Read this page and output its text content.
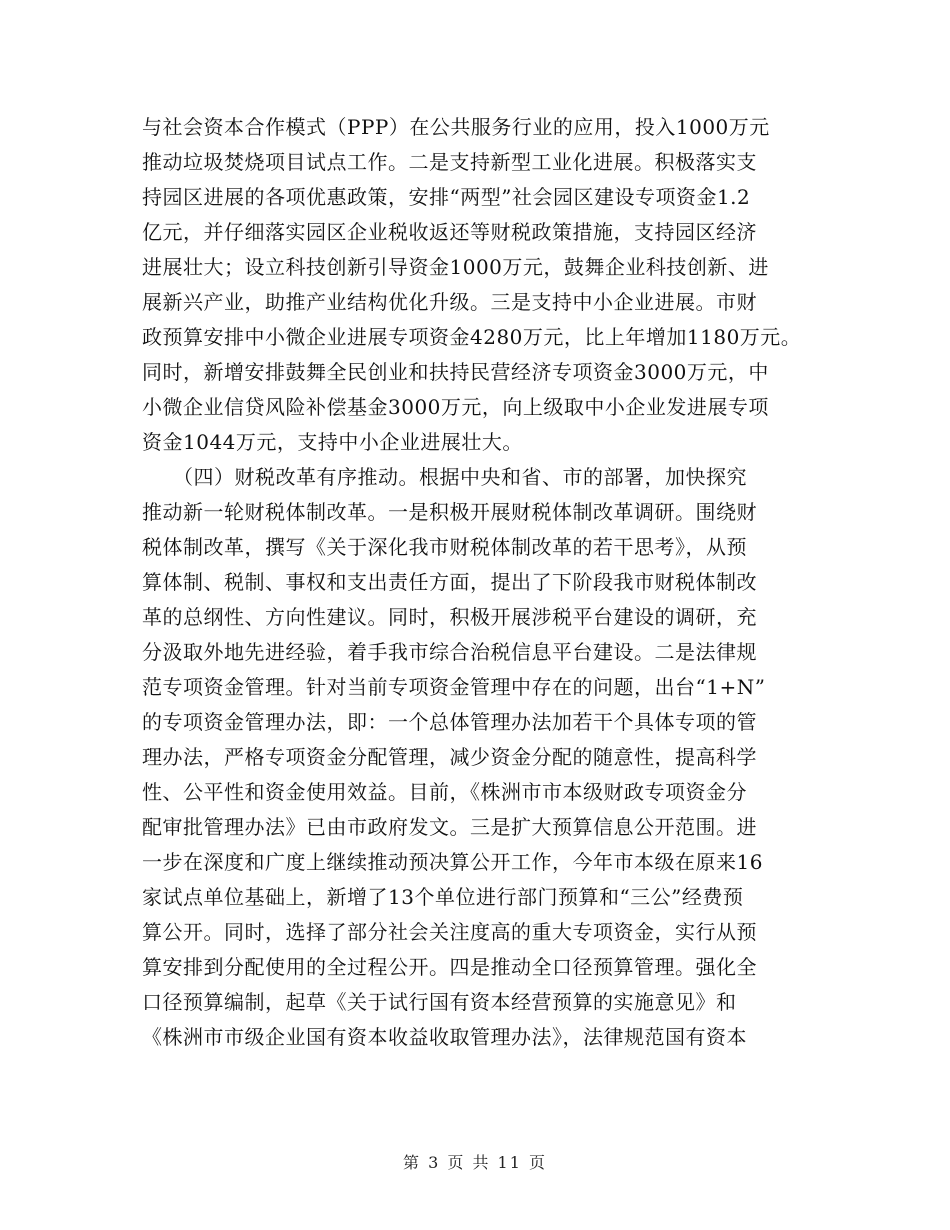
与社会资本合作模式（PPP）在公共服务行业的应用，投入1000万元
推动垃圾焚烧项目试点工作。二是支持新型工业化进展。积极落实支
持园区进展的各项优惠政策，安排“两型”社会园区建设专项资金1.2
亿元，并仔细落实园区企业税收返还等财税政策措施，支持园区经济
进展壮大；设立科技创新引导资金1000万元，鼓舞企业科技创新、进
展新兴产业，助推产业结构优化升级。三是支持中小企业进展。市财
政预算安排中小微企业进展专项资金4280万元，比上年增加1180万元。
同时，新增安排鼓舞全民创业和扶持民营经济专项资金3000万元，中
小微企业信贷风险补偿基金3000万元，向上级取中小企业发进展专项
资金1044万元，支持中小企业进展壮大。
　　（四）财税改革有序推动。根据中央和省、市的部署，加快探究
推动新一轮财税体制改革。一是积极开展财税体制改革调研。围绕财
税体制改革，撰写《关于深化我市财税体制改革的若干思考》，从预
算体制、税制、事权和支出责任方面，提出了下阶段我市财税体制改
革的总纲性、方向性建议。同时，积极开展涉税平台建设的调研，充
分汲取外地先进经验，着手我市综合治税信息平台建设。二是法律规
范专项资金管理。针对当前专项资金管理中存在的问题，出台“1+N”
的专项资金管理办法，即：一个总体管理办法加若干个具体专项的管
理办法，严格专项资金分配管理，减少资金分配的随意性，提高科学
性、公平性和资金使用效益。目前，《株洲市市本级财政专项资金分
配审批管理办法》已由市政府发文。三是扩大预算信息公开范围。进
一步在深度和广度上继续推动预决算公开工作，今年市本级在原来16
家试点单位基础上，新增了13个单位进行部门预算和“三公”经费预
算公开。同时，选择了部分社会关注度高的重大专项资金，实行从预
算安排到分配使用的全过程公开。四是推动全口径预算管理。强化全
口径预算编制，起草《关于试行国有资本经营预算的实施意见》和
《株洲市市级企业国有资本收益收取管理办法》，法律规范国有资本
第 3 页 共 11 页
